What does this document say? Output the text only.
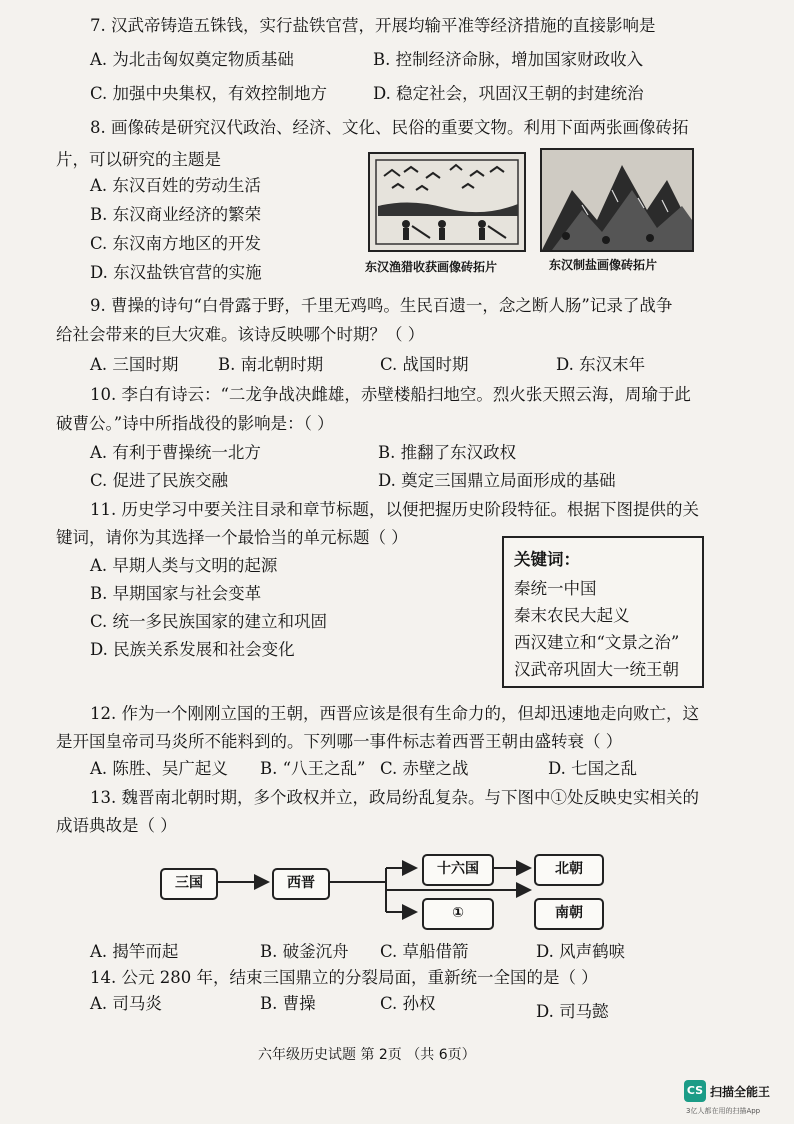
7. 汉武帝铸造五铢钱，实行盐铁官营，开展均输平准等经济措施的直接影响是
A. 为北击匈奴奠定物质基础	B. 控制经济命脉，增加国家财政收入
C. 加强中央集权，有效控制地方	D. 稳定社会，巩固汉王朝的封建统治
8. 画像砖是研究汉代政治、经济、文化、民俗的重要文物。利用下面两张画像砖拓
片，可以研究的主题是
A. 东汉百姓的劳动生活
B. 东汉商业经济的繁荣
C. 东汉南方地区的开发
D. 东汉盐铁官营的实施	东汉渔猎收获画像砖拓片	东汉制盐画像砖拓片
9. 曹操的诗句“白骨露于野，千里无鸡鸣。生民百遗一，念之断人肠”记录了战争
给社会带来的巨大灾难。该诗反映哪个时期？（ ）
A. 三国时期 B. 南北朝时期	C. 战国时期	D. 东汉末年
10. 李白有诗云：“二龙争战决雌雄，赤壁楼船扫地空。烈火张天照云海，周瑜于此
破曹公。”诗中所指战役的影响是：（ ）
A. 有利于曹操统一北方	B. 推翻了东汉政权
C. 促进了民族交融	D. 奠定三国鼎立局面形成的基础
11. 历史学习中要关注目录和章节标题，以便把握历史阶段特征。根据下图提供的关
键词，请你为其选择一个最恰当的单元标题（ ）
A. 早期人类与文明的起源
B. 早期国家与社会变革
C. 统一多民族国家的建立和巩固
D. 民族关系发展和社会变化
关键词：
秦统一中国
秦末农民大起义
西汉建立和“文景之治”
汉武帝巩固大一统王朝
12. 作为一个刚刚立国的王朝，西晋应该是很有生命力的，但却迅速地走向败亡，这
是开国皇帝司马炎所不能料到的。下列哪一事件标志着西晋王朝由盛转衰（ ）
A. 陈胜、吴广起义 B. “八王之乱” C. 赤壁之战	D. 七国之乱
13. 魏晋南北朝时期，多个政权并立，政局纷乱复杂。与下图中①处反映史实相关的
成语典故是（ ）
三国	西晋
十六国
①
北朝
南朝
A. 揭竿而起	B. 破釜沉舟 C. 草船借箭	D. 风声鹤唳
14. 公元 280 年，结束三国鼎立的分裂局面，重新统一全国的是（ ）
A. 司马炎	B. 曹操	C. 孙权	D. 司马懿
六年级历史试题 第 2页 （共 6页）
CS 扫描全能王
3亿人都在用的扫描App
